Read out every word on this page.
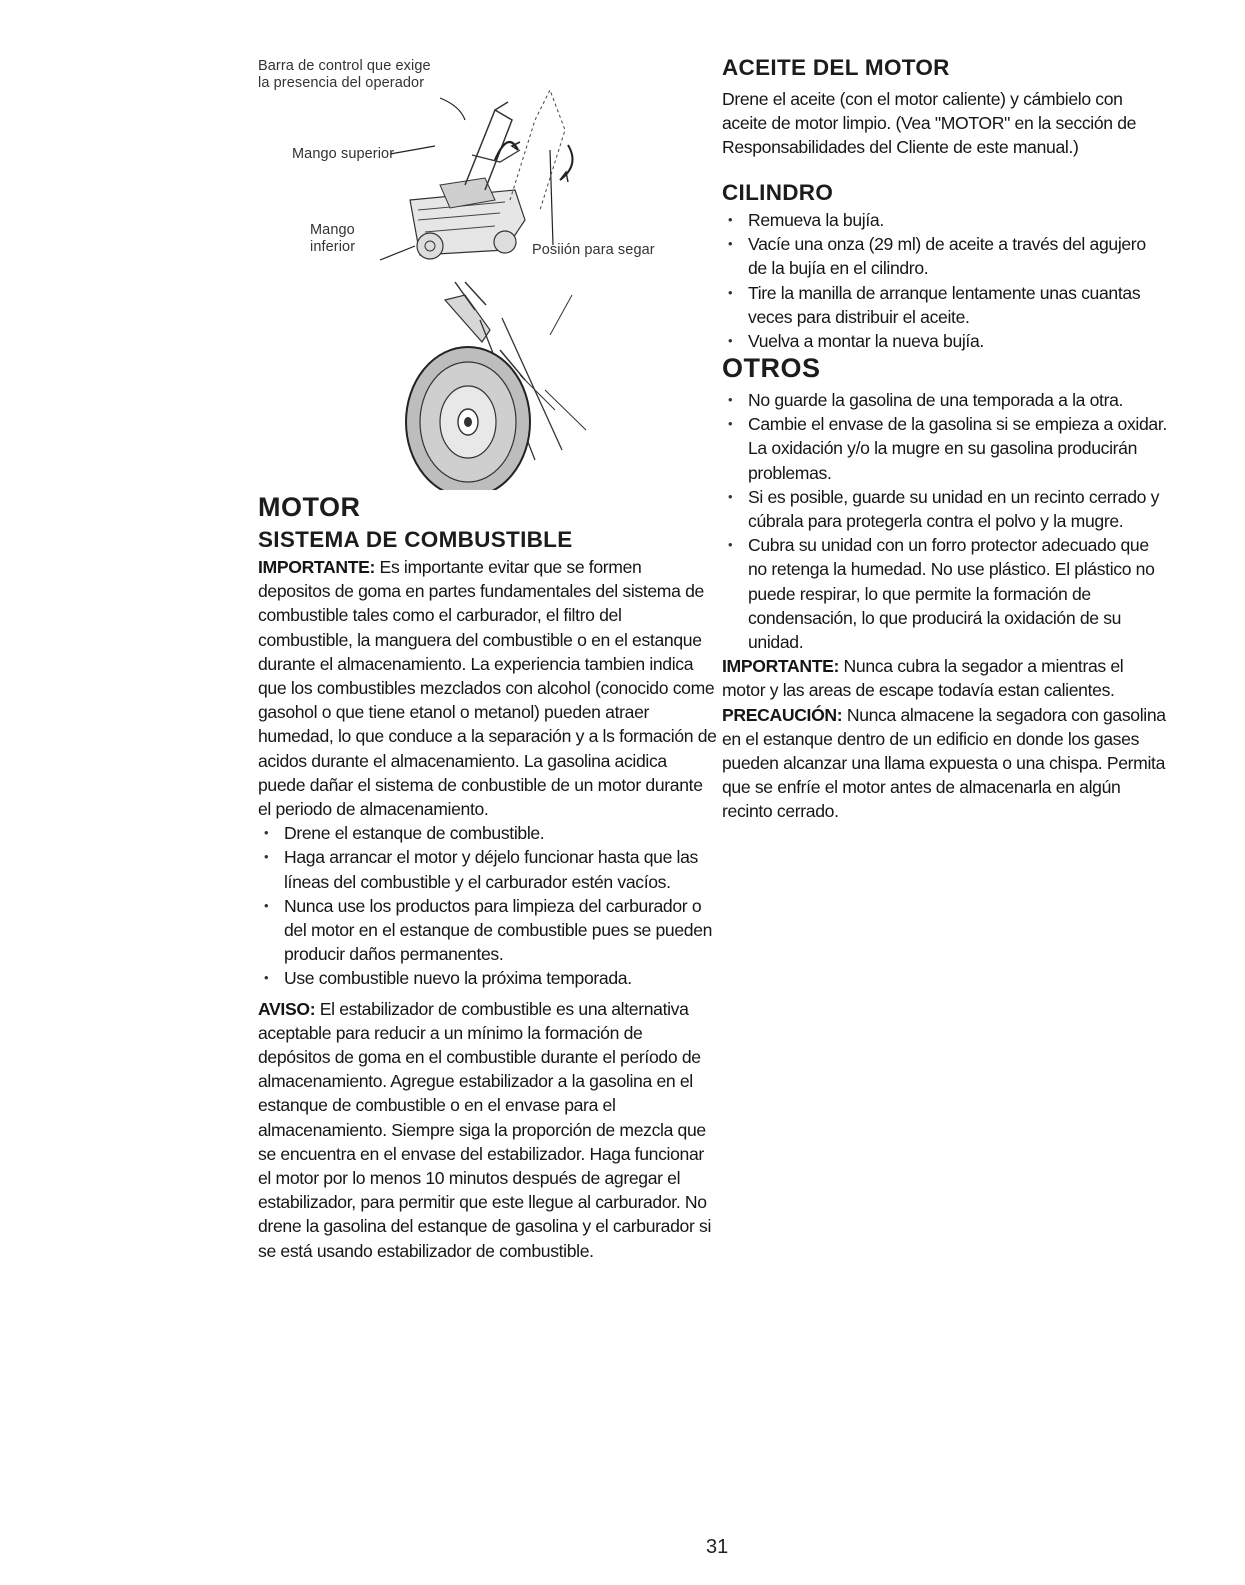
Barra de control que exige
la presencia del operador
Mango superior
Mango
inferior	Posiión para segar
MOTOR
SISTEMA DE COMBUSTIBLE

IMPORTANTE: Es importante evitar que se formen depositos de goma en partes fundamentales del sistema de combustible tales como el carburador, el filtro del combustible, la manguera del combustible o en el estanque durante el almacenamiento. La experiencia tambien indica que los combustibles mezclados con alcohol (conocido come gasohol o que tiene etanol o metanol) pueden atraer humedad, lo que conduce a la separación y a ls formación de acidos durante el almacenamiento. La gasolina acidica puede dañar el sistema de conbustible de un motor durante el periodo de almacenamiento.

• Drene el estanque de combustible.
• Haga arrancar el motor y déjelo funcionar hasta que las líneas del combustible y el carburador estén vacíos.
• Nunca use los productos para limpieza del carburador o del motor en el estanque de combustible pues se pueden producir daños permanentes.
• Use combustible nuevo la próxima temporada.

AVISO: El estabilizador de combustible es una alternativa aceptable para reducir a un mínimo la formación de depósitos de goma en el combustible durante el período de almacenamiento. Agregue estabilizador a la gasolina en el estanque de combustible o en el envase para el almacenamiento. Siempre siga la proporción de mezcla que se encuentra en el envase del estabilizador. Haga funcionar el motor por lo menos 10 minutos después de agregar el estabilizador, para permitir que este llegue al carburador. No drene la gasolina del estanque de gasolina y el carburador si se está usando estabilizador de combustible.

ACEITE DEL MOTOR

Drene el aceite (con el motor caliente) y cámbielo con aceite de motor limpio. (Vea "MOTOR" en la sección de Responsabilidades del Cliente de este manual.)

CILINDRO
• Remueva la bujía.
• Vacíe una onza (29 ml) de aceite a través del agujero de la bujía en el cilindro.
• Tire la manilla de arranque lentamente unas cuantas veces para distribuir el aceite.
• Vuelva a montar la nueva bujía.
OTROS
• No guarde la gasolina de una temporada a la otra.
• Cambie el envase de la gasolina si se empieza a oxidar. La oxidación y/o la mugre en su gasolina producirán problemas.
• Si es posible, guarde su unidad en un recinto cerrado y cúbrala para protegerla contra el polvo y la mugre.
• Cubra su unidad con un forro protector adecuado que no retenga la humedad. No use plástico. El plástico no puede respirar, lo que permite la formación de condensación, lo que producirá la oxidación de su unidad.

IMPORTANTE: Nunca cubra la segador a mientras el motor y las areas de escape todavía estan calientes.

PRECAUCIÓN: Nunca almacene la segadora con gasolina en el estanque dentro de un edificio en donde los gases pueden alcanzar una llama expuesta o una chispa. Permita que se enfríe el motor antes de almacenarla en algún recinto cerrado.

31
